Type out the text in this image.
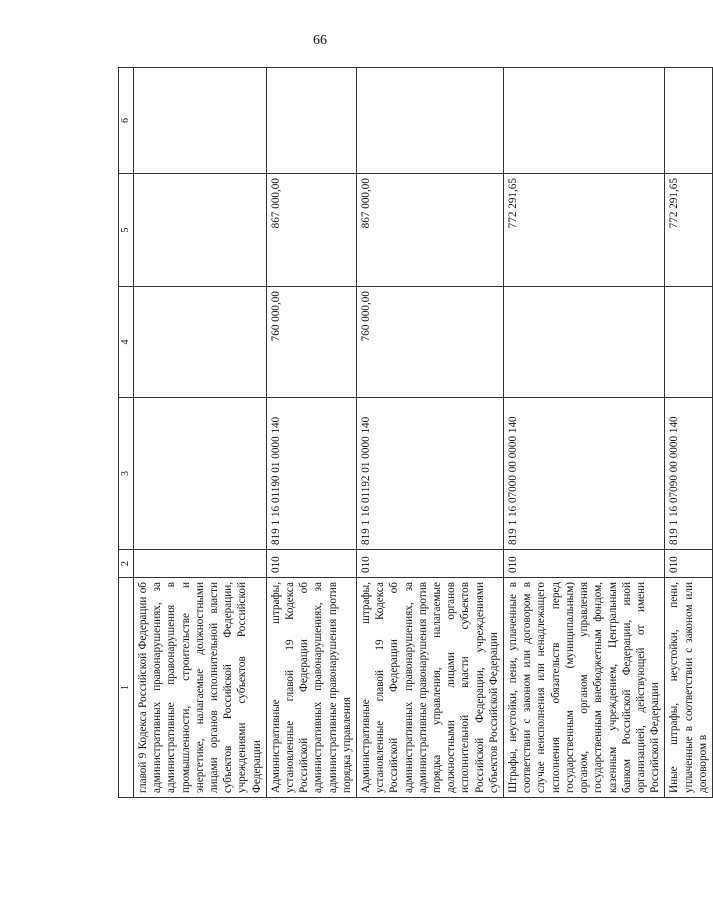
66
1	2	3	4	5	6
главой 9 Кодекса Российской Федерации об административных правонарушениях, за административные правонарушения в промышленности, строительстве и энергетике, налагаемые должностными лицами органов исполнительной власти субъектов Российской Федерации, учреждениями субъектов Российской Федерации					
Административные штрафы, установленные главой 19 Кодекса Российской Федерации об административных правонарушениях, за административные правонарушения против порядка управления	010	819 1 16 01190 01 0000 140	760 000,00	867 000,00	
Административные штрафы, установленные главой 19 Кодекса Российской Федерации об административных правонарушениях, за административные правонарушения против порядка управления, налагаемые должностными лицами органов исполнительной власти субъектов Российской Федерации, учреждениями субъектов Российской Федерации	010	819 1 16 01192 01 0000 140	760 000,00	867 000,00	
Штрафы, неустойки, пени, уплаченные в соответствии с законом или договором в случае неисполнения или ненадлежащего исполнения обязательств перед государственным (муниципальным) органом, органом управления государственным внебюджетным фондом, казенным учреждением, Центральным банком Российской Федерации, иной организацией, действующей от имени Российской Федерации	010	819 1 16 07000 00 0000 140		772 291,65	
Иные штрафы, неустойки, пени, уплаченные в соответствии с законом или договором в	010	819 1 16 07090 00 0000 140		772 291,65	
